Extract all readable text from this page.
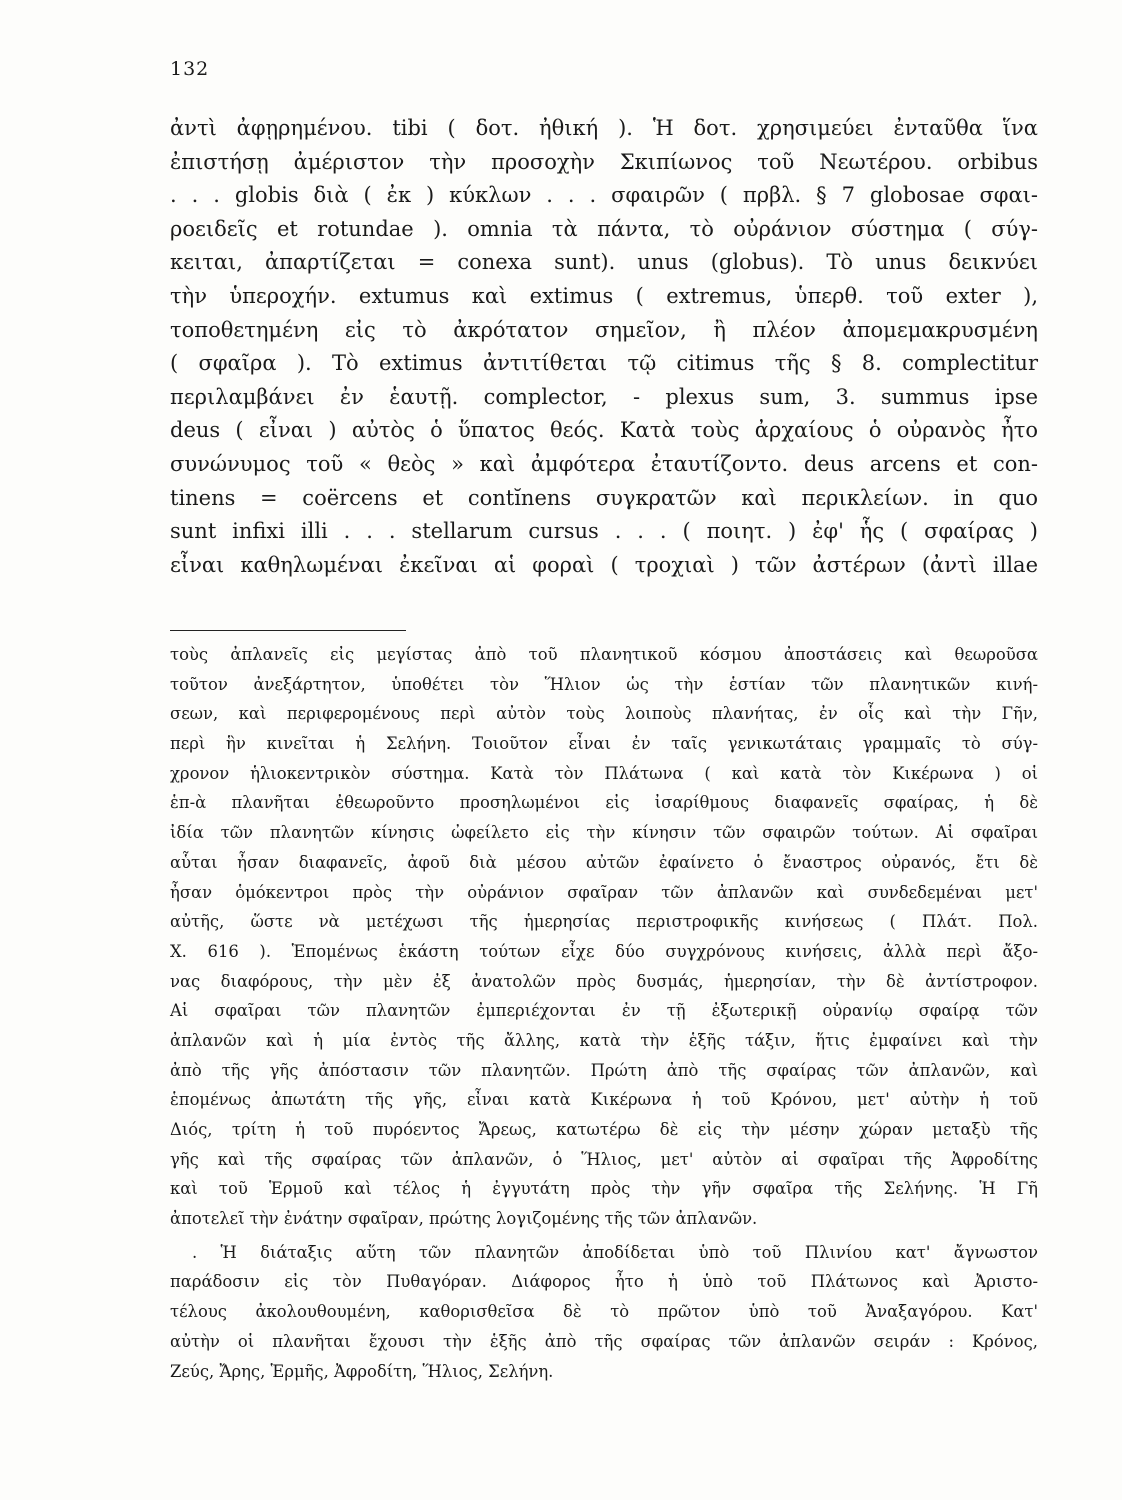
132
ἀντὶ ἀφῃρημένου. tibi ( δοτ. ἠθική ). Ἡ δοτ. χρησιμεύει ἐνταῦθα ἵνα
ἐπιστήσῃ ἀμέριστον τὴν προσοχὴν Σκιπίωνος τοῦ Νεωτέρου. orbibus
. . . globis διὰ ( ἐκ ) κύκλων . . . σφαιρῶν ( πρβλ. § 7 globosae σφαι-
ροειδεῖς et rotundae ). omnia τὰ πάντα, τὸ οὐράνιον σύστημα ( σύγ-
κειται, ἀπαρτίζεται = conexa sunt). unus (globus). Τὸ unus δεικνύει
τὴν ὑπεροχήν. extumus καὶ extimus ( extremus, ὑπερθ. τοῦ exter ),
τοποθετημένη εἰς τὸ ἀκρότατον σημεῖον, ἢ πλέον ἀπομεμακρυσμένη
( σφαῖρα ). Τὸ extimus ἀντιτίθεται τῷ citimus τῆς § 8. complectitur
περιλαμβάνει ἐν ἑαυτῇ. complector, - plexus sum, 3. summus ipse
deus ( εἶναι ) αὐτὸς ὁ ὕπατος θεός. Κατὰ τοὺς ἀρχαίους ὁ οὐρανὸς ἦτο
συνώνυμος τοῦ « θεὸς » καὶ ἀμφότερα ἐταυτίζοντο. deus arcens et con-
tinens = coërcens et contĭnens συγκρατῶν καὶ περικλείων. in quo
sunt infixi illi . . . stellarum cursus . . . ( ποιητ. ) ἐφ' ἧς ( σφαίρας )
εἶναι καθηλωμέναι ἐκεῖναι αἱ φοραὶ ( τροχιαὶ ) τῶν ἀστέρων (ἀντὶ illae
τοὺς ἀπλανεῖς εἰς μεγίστας ἀπὸ τοῦ πλανητικοῦ κόσμου ἀποστάσεις καὶ θεωροῦσα
τοῦτον ἀνεξάρτητον, ὑποθέτει τὸν Ἥλιον ὡς τὴν ἑστίαν τῶν πλανητικῶν κινή-
σεων, καὶ περιφερομένους περὶ αὐτὸν τοὺς λοιποὺς πλανήτας, ἐν οἷς καὶ τὴν Γῆν,
περὶ ἣν κινεῖται ἡ Σελήνη. Τοιοῦτον εἶναι ἐν ταῖς γενικωτάταις γραμμαῖς τὸ σύγ-
χρονον ἡλιοκεντρικὸν σύστημα. Κατὰ τὸν Πλάτωνα ( καὶ κατὰ τὸν Κικέρωνα ) οἱ
ἑπ-ὰ πλανῆται ἐθεωροῦντο προσηλωμένοι εἰς ἰσαρίθμους διαφανεῖς σφαίρας, ἡ δὲ
ἰδία τῶν πλανητῶν κίνησις ὠφείλετο εἰς τὴν κίνησιν τῶν σφαιρῶν τούτων. Αἱ σφαῖραι
αὗται ἦσαν διαφανεῖς, ἀφοῦ διὰ μέσου αὐτῶν ἐφαίνετο ὁ ἔναστρος οὐρανός, ἔτι δὲ
ἦσαν ὁμόκεντροι πρὸς τὴν οὐράνιον σφαῖραν τῶν ἀπλανῶν καὶ συνδεδεμέναι μετ'
αὐτῆς, ὥστε νὰ μετέχωσι τῆς ἡμερησίας περιστροφικῆς κινήσεως ( Πλάτ. Πολ.
Χ. 616 ). Ἑπομένως ἑκάστη τούτων εἶχε δύο συγχρόνους κινήσεις, ἀλλὰ περὶ ἄξο-
νας διαφόρους, τὴν μὲν ἐξ ἀνατολῶν πρὸς δυσμάς, ἡμερησίαν, τὴν δὲ ἀντίστροφον.
Αἱ σφαῖραι τῶν πλανητῶν ἐμπεριέχονται ἐν τῇ ἐξωτερικῇ οὐρανίῳ σφαίρᾳ τῶν
ἀπλανῶν καὶ ἡ μία ἐντὸς τῆς ἄλλης, κατὰ τὴν ἑξῆς τάξιν, ἥτις ἐμφαίνει καὶ τὴν
ἀπὸ τῆς γῆς ἀπόστασιν τῶν πλανητῶν. Πρώτη ἀπὸ τῆς σφαίρας τῶν ἀπλανῶν, καὶ
ἑπομένως ἀπωτάτη τῆς γῆς, εἶναι κατὰ Κικέρωνα ἡ τοῦ Κρόνου, μετ' αὐτὴν ἡ τοῦ
Διός, τρίτη ἡ τοῦ πυρόεντος Ἄρεως, κατωτέρω δὲ εἰς τὴν μέσην χώραν μεταξὺ τῆς
γῆς καὶ τῆς σφαίρας τῶν ἀπλανῶν, ὁ Ἥλιος, μετ' αὐτὸν αἱ σφαῖραι τῆς Ἀφροδίτης
καὶ τοῦ Ἑρμοῦ καὶ τέλος ἡ ἐγγυτάτη πρὸς τὴν γῆν σφαῖρα τῆς Σελήνης. Ἡ Γῆ
ἀποτελεῖ τὴν ἐνάτην σφαῖραν, πρώτης λογιζομένης τῆς τῶν ἀπλανῶν.
. Ἡ διάταξις αὕτη τῶν πλανητῶν ἀποδίδεται ὑπὸ τοῦ Πλινίου κατ' ἄγνωστον
παράδοσιν εἰς τὸν Πυθαγόραν. Διάφορος ἦτο ἡ ὑπὸ τοῦ Πλάτωνος καὶ Ἀριστο-
τέλους ἀκολουθουμένη, καθορισθεῖσα δὲ τὸ πρῶτον ὑπὸ τοῦ Ἀναξαγόρου. Κατ'
αὐτὴν οἱ πλανῆται ἔχουσι τὴν ἑξῆς ἀπὸ τῆς σφαίρας τῶν ἀπλανῶν σειράν : Κρόνος,
Ζεύς, Ἄρης, Ἑρμῆς, Ἀφροδίτη, Ἥλιος, Σελήνη.
